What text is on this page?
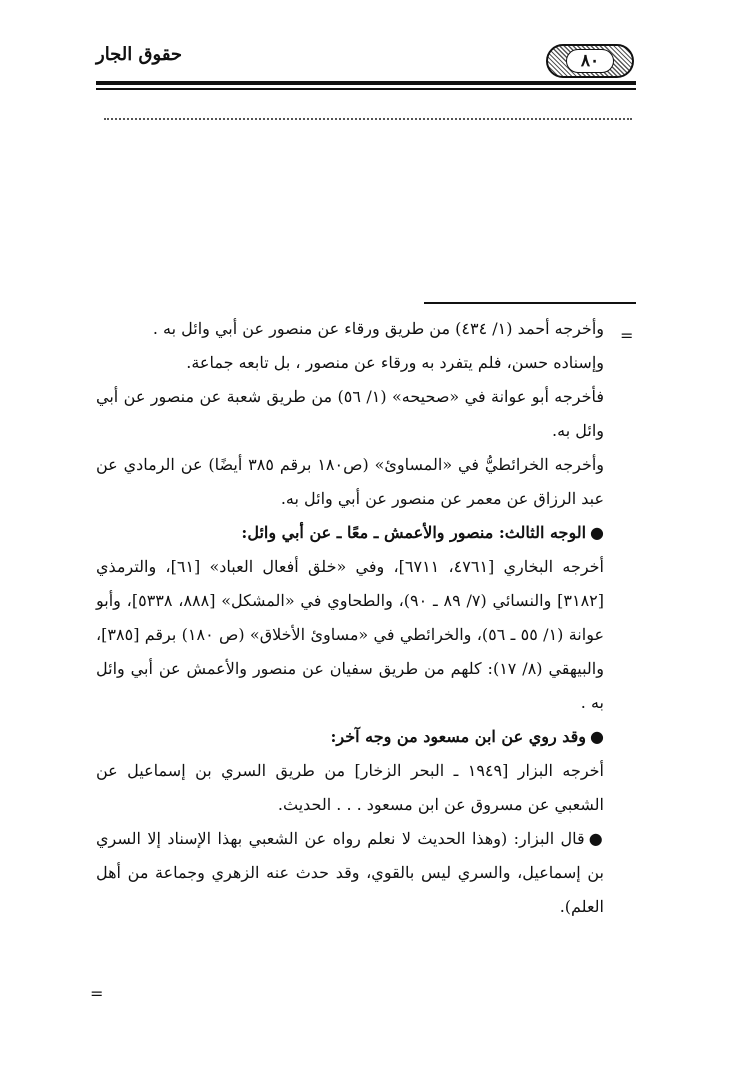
٨٠
حقوق الجار
=

وأخرجه أحمد (١/ ٤٣٤) من طريق ورقاء عن منصور عن أبي وائل به .

وإسناده حسن، فلم يتفرد به ورقاء عن منصور ، بل تابعه جماعة.

فأخرجه أبو عوانة في «صحيحه» (١/ ٥٦) من طريق شعبة عن منصور عن أبي وائل به.

وأخرجه الخرائطيُّ في «المساوئ» (ص١٨٠ برقم ٣٨٥ أيضًا) عن الرمادي عن عبد الرزاق عن معمر عن منصور عن أبي وائل به.

●الوجه الثالث: منصور والأعمش ـ معًا ـ عن أبي وائل:

أخرجه البخاري [٤٧٦١، ٦٧١١]، وفي «خلق أفعال العباد» [٦١]، والترمذي [٣١٨٢] والنسائي (٧/ ٨٩ ـ ٩٠)، والطحاوي في «المشكل» [٨٨٨، ٥٣٣٨]، وأبو عوانة (١/ ٥٥ ـ ٥٦)، والخرائطي في «مساوئ الأخلاق» (ص ١٨٠) برقم [٣٨٥]، والبيهقي (٨/ ١٧): كلهم من طريق سفيان عن منصور والأعمش عن أبي وائل به .

●وقد روي عن ابن مسعود من وجه آخر:

أخرجه البزار [١٩٤٩ ـ البحر الزخار] من طريق السري بن إسماعيل عن الشعبي عن مسروق عن ابن مسعود . . . الحديث.

●قال البزار: (وهذا الحديث لا نعلم رواه عن الشعبي بهذا الإسناد إلا السري بن إسماعيل، والسري ليس بالقوي، وقد حدث عنه الزهري وجماعة من أهل العلم).

=
